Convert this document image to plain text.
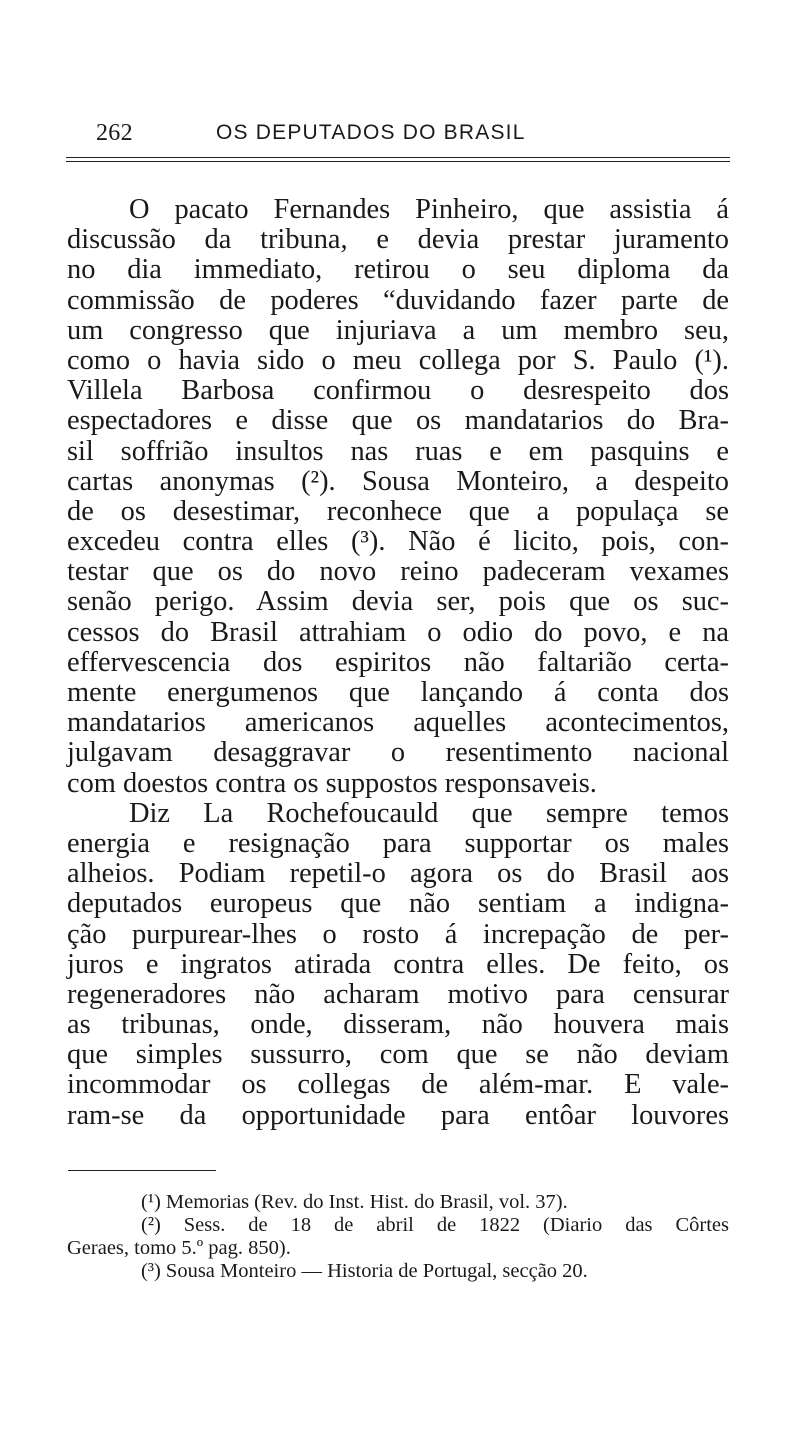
262	OS DEPUTADOS DO BRASIL
O pacato Fernandes Pinheiro, que assistia á
discussão da tribuna, e devia prestar juramento
no dia immediato, retirou o seu diploma da
commissão de poderes “duvidando fazer parte de
um congresso que injuriava a um membro seu,
como o havia sido o meu collega por S. Paulo (¹).
Villela Barbosa confirmou o desrespeito dos
espectadores e disse que os mandatarios do Bra-
sil soffrião insultos nas ruas e em pasquins e
cartas anonymas (²). Sousa Monteiro, a despeito
de os desestimar, reconhece que a populaça se
excedeu contra elles (³). Não é licito, pois, con-
testar que os do novo reino padeceram vexames
senão perigo. Assim devia ser, pois que os suc-
cessos do Brasil attrahiam o odio do povo, e na
effervescencia dos espiritos não faltarião certa-
mente energumenos que lançando á conta dos
mandatarios americanos aquelles acontecimentos,
julgavam desaggravar o resentimento nacional
com doestos contra os suppostos responsaveis.
Diz La Rochefoucauld que sempre temos
energia e resignação para supportar os males
alheios. Podiam repetil-o agora os do Brasil aos
deputados europeus que não sentiam a indigna-
ção purpurear-lhes o rosto á increpação de per-
juros e ingratos atirada contra elles. De feito, os
regeneradores não acharam motivo para censurar
as tribunas, onde, disseram, não houvera mais
que simples sussurro, com que se não deviam
incommodar os collegas de além-mar. E vale-
ram-se da opportunidade para entôar louvores
(¹) Memorias (Rev. do Inst. Hist. do Brasil, vol. 37).
(²) Sess. de 18 de abril de 1822 (Diario das Côrtes
Geraes, tomo 5.º pag. 850).
(³) Sousa Monteiro — Historia de Portugal, secção 20.
